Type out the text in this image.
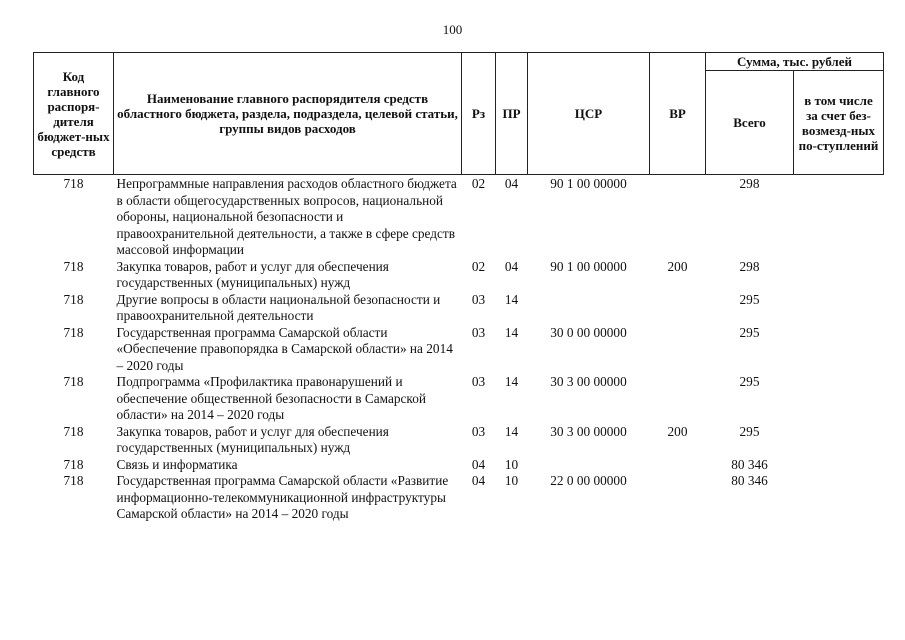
100
Код главного распоря-дителя бюджет-ных средств	Наименование главного распорядителя средств областного бюджета, раздела, подраздела, целевой статьи, группы видов расходов	Рз	ПР	ЦСР	ВР	Сумма, тыс. рублей	
						Всего	в том числе за счет без-возмезд-ных по-ступлений
718	Непрограммные направления расходов областного бюджета в области общегосударственных вопросов, национальной обороны, национальной безопасности и правоохранительной деятельности, а также в сфере средств массовой информации	02	04	90 1 00 00000		298	
718	Закупка товаров, работ и услуг для обеспечения государственных (муниципальных) нужд	02	04	90 1 00 00000	200	298	
718	Другие вопросы в области национальной безопасности и правоохранительной деятельности	03	14			295	
718	Государственная программа Самарской области «Обеспечение правопорядка в Самарской области» на 2014 – 2020 годы	03	14	30 0 00 00000		295	
718	Подпрограмма «Профилактика правонарушений и обеспечение общественной безопасности в Самарской области» на 2014 – 2020 годы	03	14	30 3 00 00000		295	
718	Закупка товаров, работ и услуг для обеспечения государственных (муниципальных) нужд	03	14	30 3 00 00000	200	295	
718	Связь и информатика	04	10			80 346	
718	Государственная программа Самарской области «Развитие информационно-телекоммуникационной инфраструктуры Самарской области» на 2014 – 2020 годы	04	10	22 0 00 00000		80 346	
